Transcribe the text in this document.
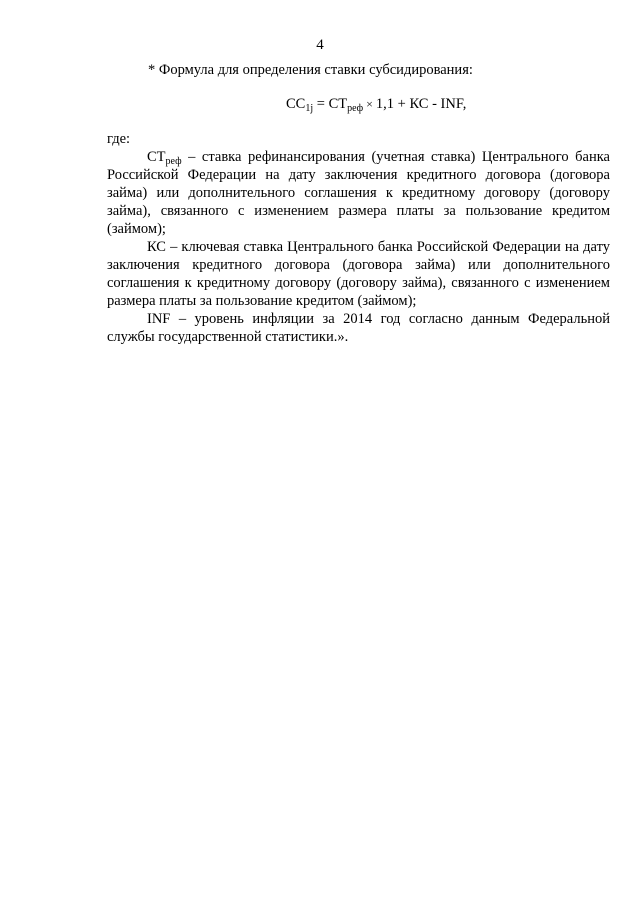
4
* Формула для определения ставки субсидирования:
$СС_{1j} = СТ_{реф} \times 1,1$ + КС - INF,
где:

$СТ_{реф}$ – ставка рефинансирования (учетная ставка) Центрального банка Российской Федерации на дату заключения кредитного договора (договора займа) или дополнительного соглашения к кредитному договору (договору займа), связанного с изменением размера платы за пользование кредитом (займом);

КС – ключевая ставка Центрального банка Российской Федерации на дату заключения кредитного договора (договора займа) или дополнительного соглашения к кредитному договору (договору займа), связанного с изменением размера платы за пользование кредитом (займом);

INF – уровень инфляции за 2014 год согласно данным Федеральной службы государственной статистики.».
